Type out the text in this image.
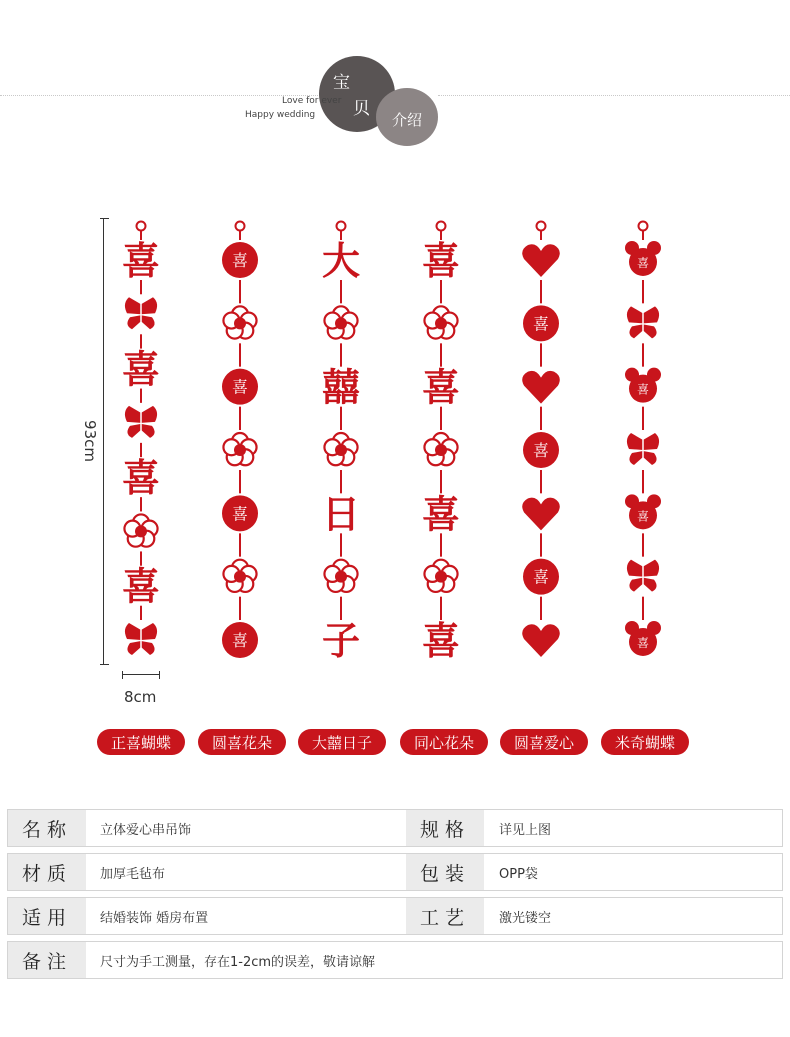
宝
贝
介绍
Love for ever
Happy wedding
93cm
8cm
喜
喜
喜
喜
喜
喜
喜
喜
大
囍
日
子
喜
喜
喜
喜
喜
喜
喜
喜
喜
喜
喜
正喜蝴蝶	圆喜花朵	大囍日子	同心花朵	圆喜爱心	米奇蝴蝶
名称	立体爱心串吊饰	规格	详见上图
材质	加厚毛毡布	包装	OPP袋
适用	结婚装饰 婚房布置	工艺	激光镂空
备注	尺寸为手工测量，存在1-2cm的误差，敬请谅解
